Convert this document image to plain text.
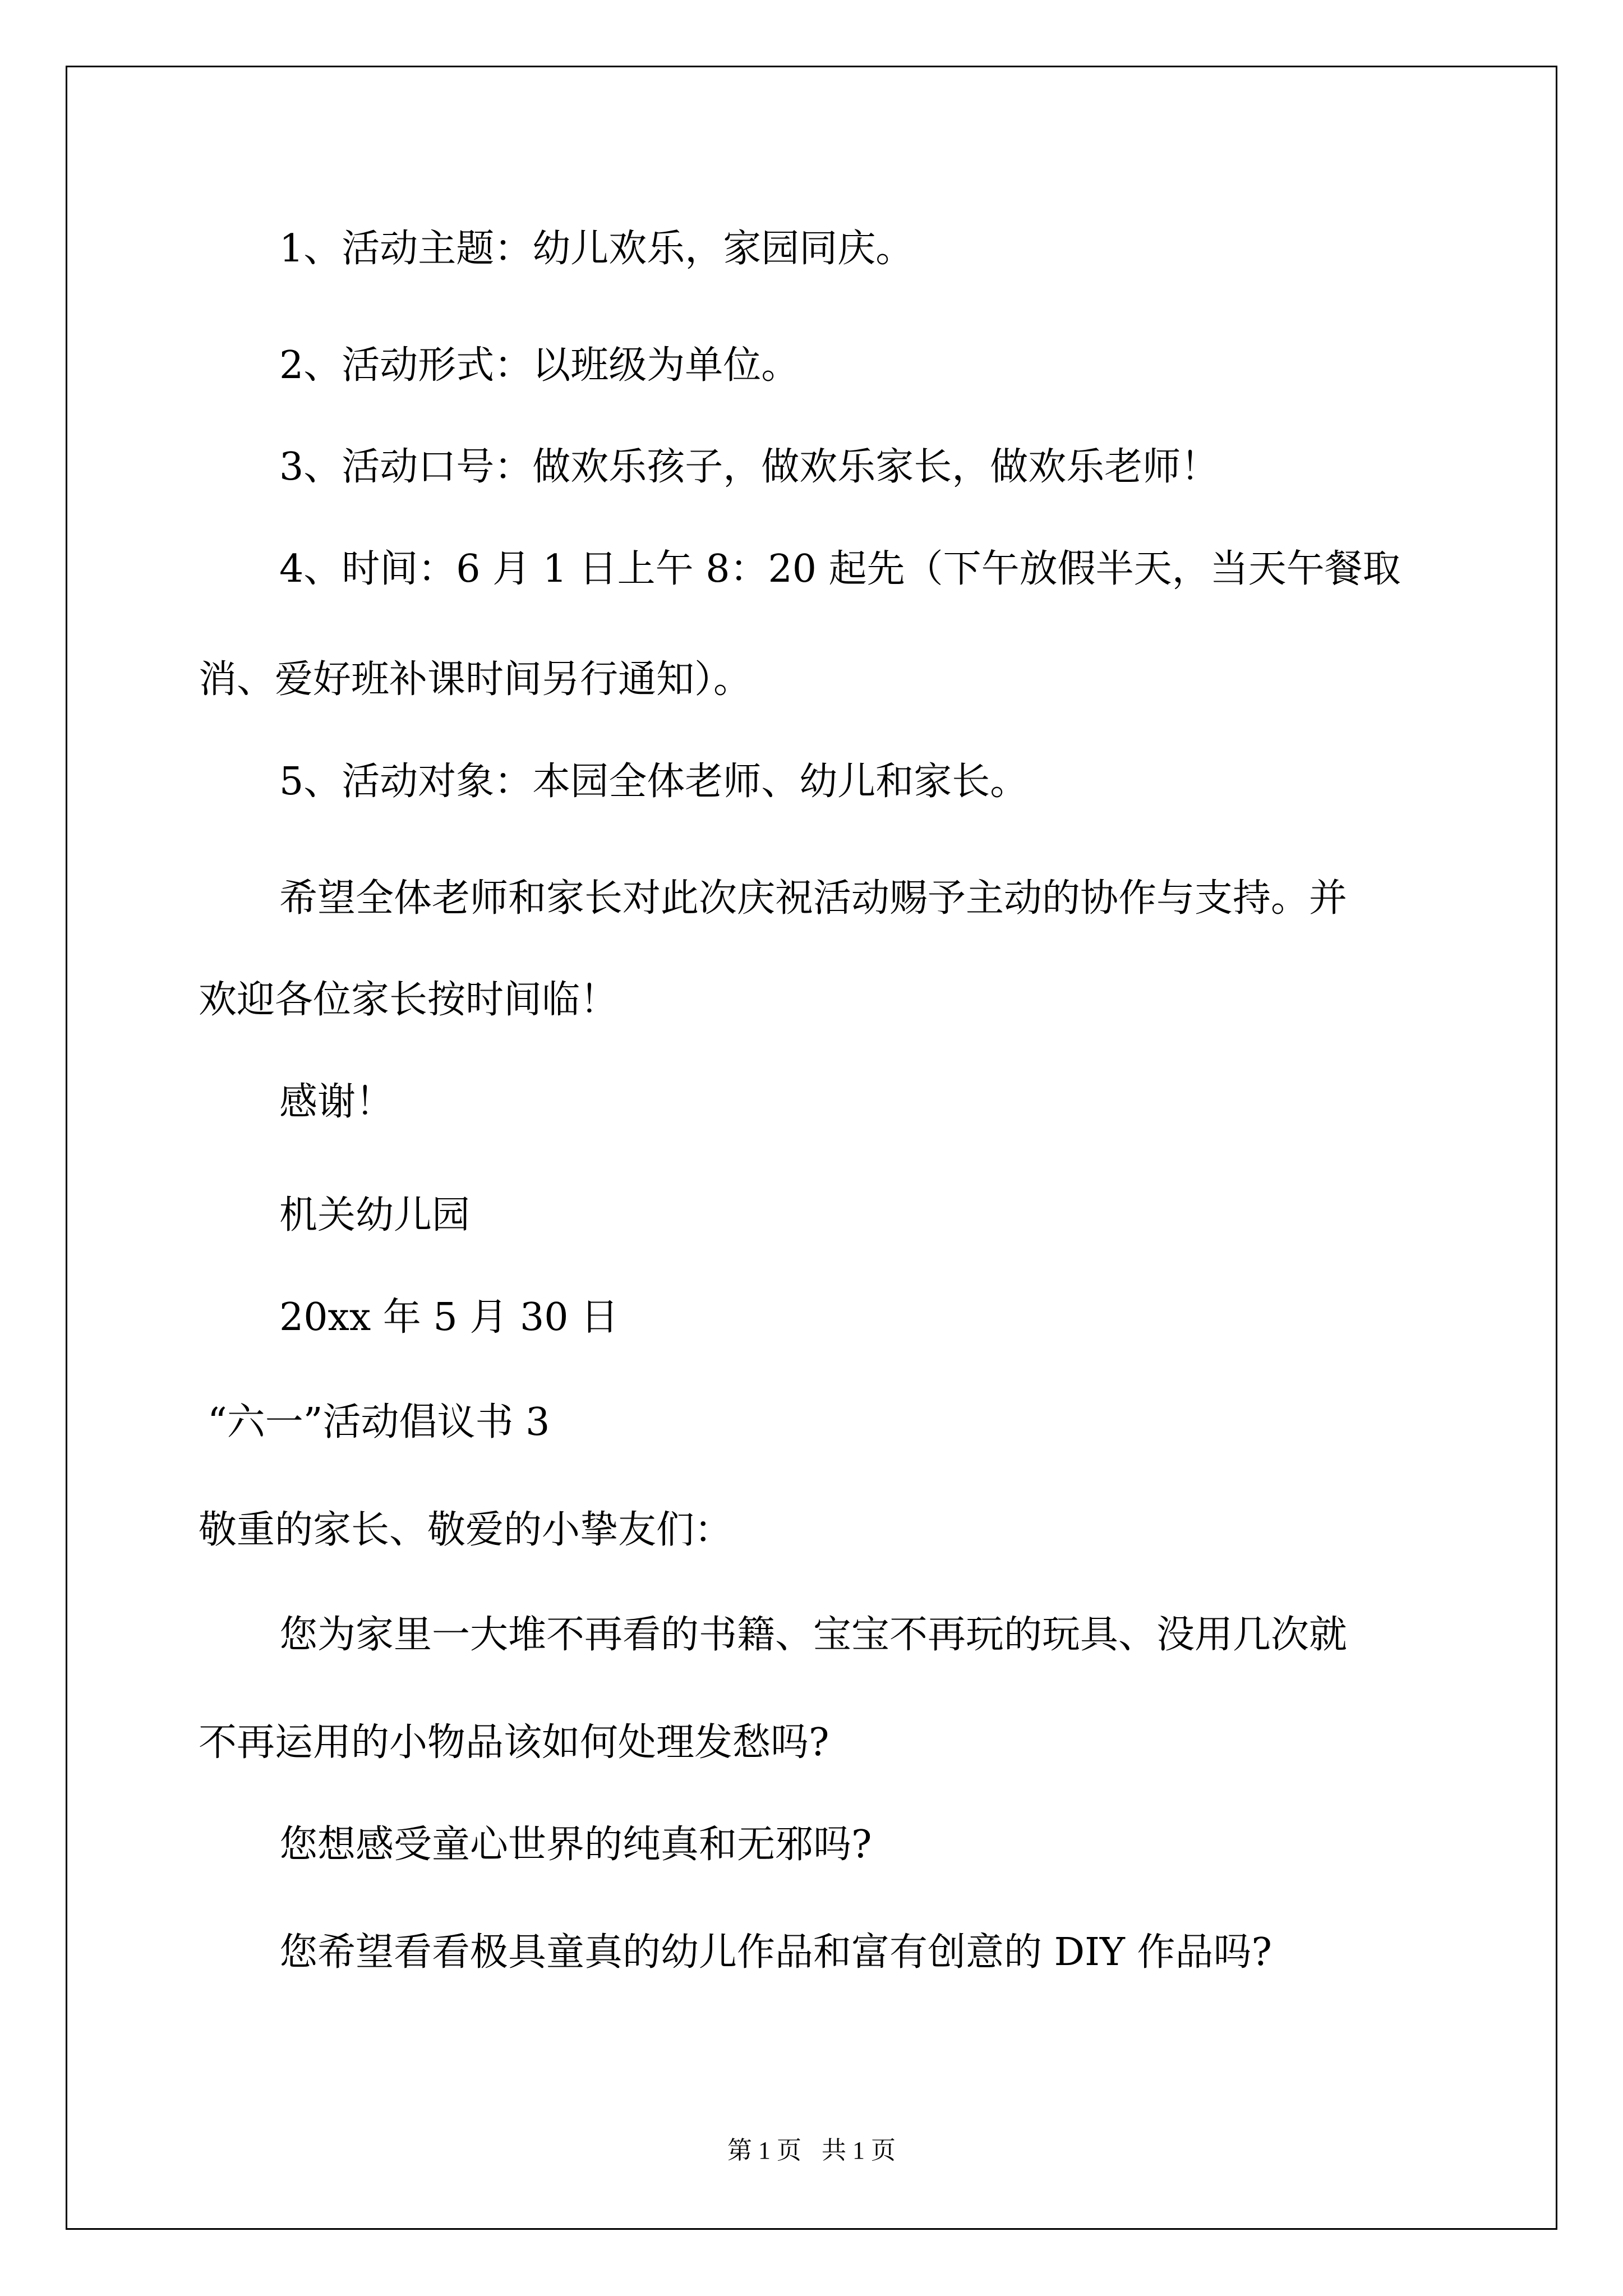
1、活动主题：幼儿欢乐，家园同庆。
2、活动形式：以班级为单位。
3、活动口号：做欢乐孩子，做欢乐家长，做欢乐老师！
4、时间：6 月 1 日上午 8：20 起先（下午放假半天，当天午餐取
消、爱好班补课时间另行通知）。
5、活动对象：本园全体老师、幼儿和家长。
希望全体老师和家长对此次庆祝活动赐予主动的协作与支持。并
欢迎各位家长按时间临！
感谢！
机关幼儿园
20xx 年 5 月 30 日
“六一”活动倡议书 3
敬重的家长、敬爱的小挚友们：
您为家里一大堆不再看的书籍、宝宝不再玩的玩具、没用几次就
不再运用的小物品该如何处理发愁吗?
您想感受童心世界的纯真和无邪吗?
您希望看看极具童真的幼儿作品和富有创意的 DIY 作品吗?
第 1 页 共 1 页
